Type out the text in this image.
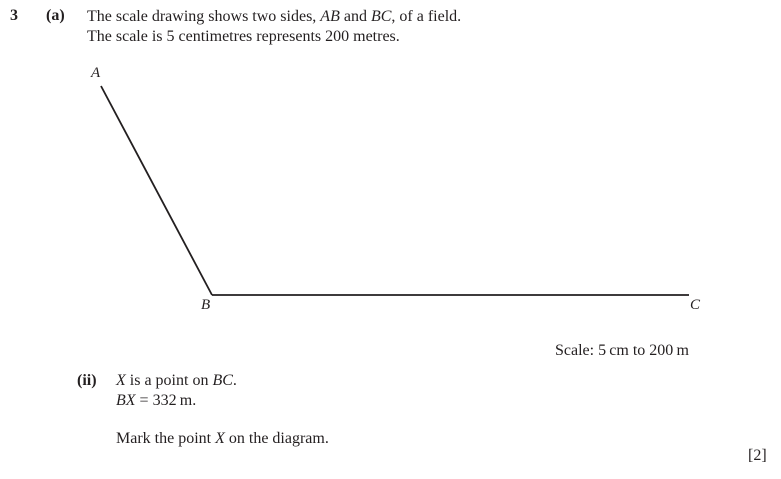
3 (a) The scale drawing shows two sides, AB and BC, of a field.
The scale is 5 centimetres represents 200 metres.
A
B	C
Scale: 5 cm to 200 m
(ii) X is a point on BC.
BX = 332 m.
Mark the point X on the diagram.
[2]
